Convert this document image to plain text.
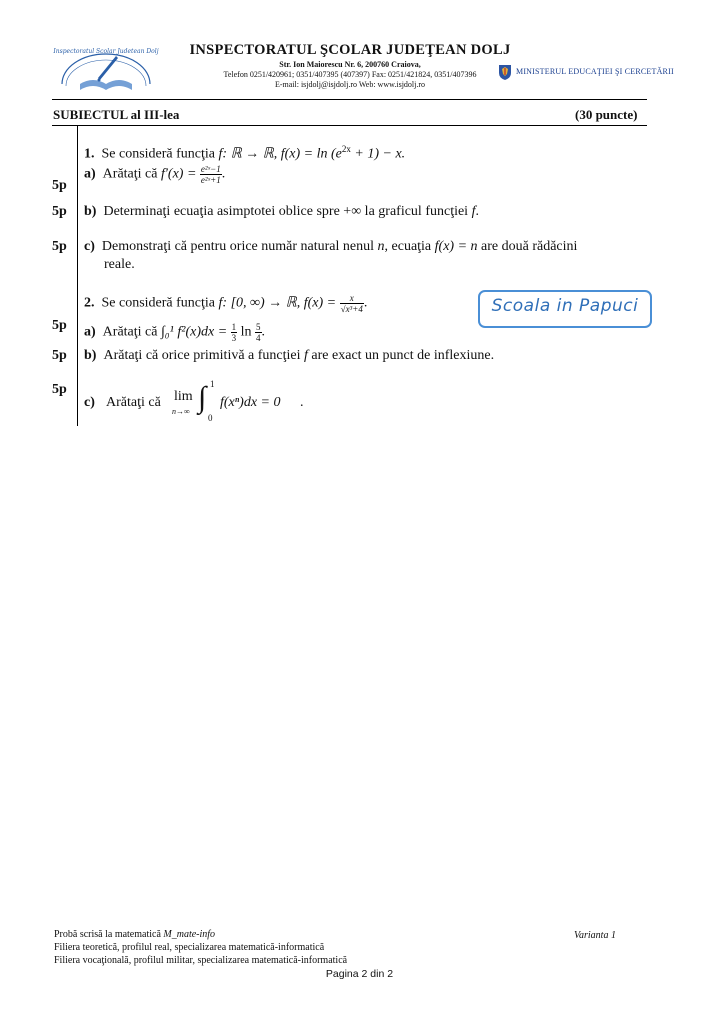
Inspectoratul Scolar Judetean Dolj	INSPECTORATUL ŞCOLAR JUDEŢEAN DOLJ
Str. Ion Maiorescu Nr. 6, 200760 Craiova,
Telefon 0251/420961; 0351/407395 (407397) Fax: 0251/421824, 0351/407396
E-mail: isjdolj@isjdolj.ro Web: www.isjdolj.ro
MINISTERUL EDUCAŢIEI ŞI CERCETĂRII
SUBIECTUL al III-lea	(30 puncte)
1. Se consideră funcţia f: ℝ → ℝ, $f(x) = \ln (e^{2x} + 1) - x$.
5p
a) Arătaţi că $f'(x) = \frac{\text{e²ˣ−1}}{\text{e²ˣ+1}}$ .
5p b) Determinaţi ecuaţia asimptotei oblice spre +∞ la graficul funcţiei f.
5p c) Demonstraţi că pentru orice număr natural nenul n, ecuaţia f(x) = n are două rădăcini
reale.
2. Se consideră funcţia f: [0, ∞) → ℝ, $f(x) = \frac{x}{\text{√x³+4}}$ .
5p a) Arătaţi că ∫₀¹ $f^2(x)dx = \frac{1}{3}$ $\ln \frac{5}{4}$ .
5p b) Arătaţi că orice primitivă a funcţiei f are exact un punct de inflexiune.
5p
c) Arătaţi că lim
n→∞ ∫ 1
0
f(xⁿ)dx = 0 .
Scoala in Papuci
Probă scrisă la matematică M_mate-info
Filiera teoretică, profilul real, specializarea matematică-informatică
Filiera vocaţională, profilul militar, specializarea matematică-informatică
Varianta 1
Pagina 2 din 2
